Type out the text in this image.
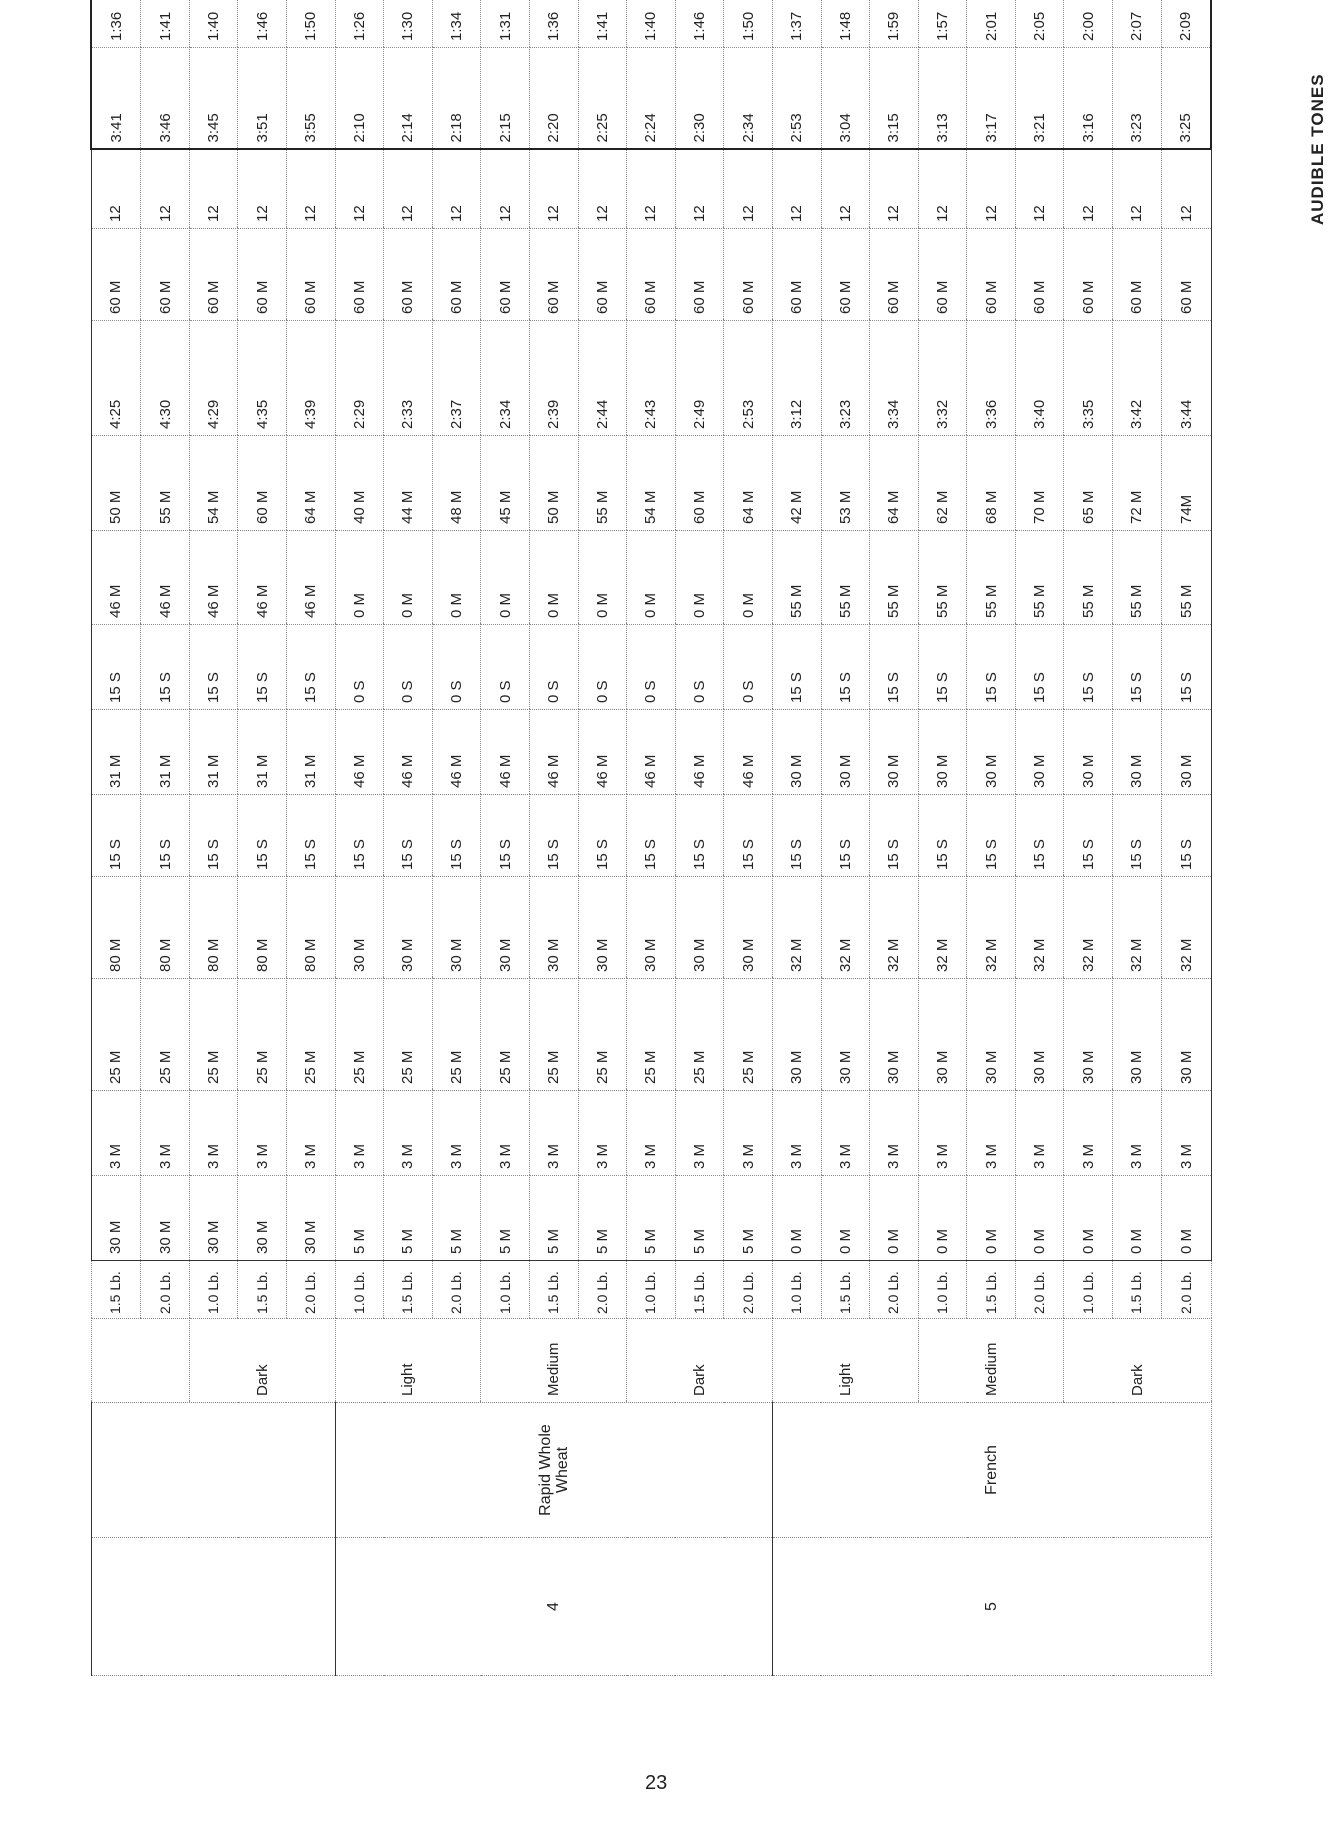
			1.5 Lb.	30 M	3 M	25 M	80 M	15 S	31 M	15 S	46 M	50 M	4:25	60 M	12	3:41	1:36
			2.0 Lb.	30 M	3 M	25 M	80 M	15 S	31 M	15 S	46 M	55 M	4:30	60 M	12	3:46	1:41
		Dark	1.0 Lb.	30 M	3 M	25 M	80 M	15 S	31 M	15 S	46 M	54 M	4:29	60 M	12	3:45	1:40
			1.5 Lb.	30 M	3 M	25 M	80 M	15 S	31 M	15 S	46 M	60 M	4:35	60 M	12	3:51	1:46
			2.0 Lb.	30 M	3 M	25 M	80 M	15 S	31 M	15 S	46 M	64 M	4:39	60 M	12	3:55	1:50
4	Rapid Whole Wheat	Light	1.0 Lb.	5 M	3 M	25 M	30 M	15 S	46 M	0 S	0 M	40 M	2:29	60 M	12	2:10	1:26
			1.5 Lb.	5 M	3 M	25 M	30 M	15 S	46 M	0 S	0 M	44 M	2:33	60 M	12	2:14	1:30
			2.0 Lb.	5 M	3 M	25 M	30 M	15 S	46 M	0 S	0 M	48 M	2:37	60 M	12	2:18	1:34
		Medium	1.0 Lb.	5 M	3 M	25 M	30 M	15 S	46 M	0 S	0 M	45 M	2:34	60 M	12	2:15	1:31
			1.5 Lb.	5 M	3 M	25 M	30 M	15 S	46 M	0 S	0 M	50 M	2:39	60 M	12	2:20	1:36
			2.0 Lb.	5 M	3 M	25 M	30 M	15 S	46 M	0 S	0 M	55 M	2:44	60 M	12	2:25	1:41
		Dark	1.0 Lb.	5 M	3 M	25 M	30 M	15 S	46 M	0 S	0 M	54 M	2:43	60 M	12	2:24	1:40
			1.5 Lb.	5 M	3 M	25 M	30 M	15 S	46 M	0 S	0 M	60 M	2:49	60 M	12	2:30	1:46
			2.0 Lb.	5 M	3 M	25 M	30 M	15 S	46 M	0 S	0 M	64 M	2:53	60 M	12	2:34	1:50
5	French	Light	1.0 Lb.	0 M	3 M	30 M	32 M	15 S	30 M	15 S	55 M	42 M	3:12	60 M	12	2:53	1:37
			1.5 Lb.	0 M	3 M	30 M	32 M	15 S	30 M	15 S	55 M	53 M	3:23	60 M	12	3:04	1:48
			2.0 Lb.	0 M	3 M	30 M	32 M	15 S	30 M	15 S	55 M	64 M	3:34	60 M	12	3:15	1:59
		Medium	1.0 Lb.	0 M	3 M	30 M	32 M	15 S	30 M	15 S	55 M	62 M	3:32	60 M	12	3:13	1:57
			1.5 Lb.	0 M	3 M	30 M	32 M	15 S	30 M	15 S	55 M	68 M	3:36	60 M	12	3:17	2:01
			2.0 Lb.	0 M	3 M	30 M	32 M	15 S	30 M	15 S	55 M	70 M	3:40	60 M	12	3:21	2:05
		Dark	1.0 Lb.	0 M	3 M	30 M	32 M	15 S	30 M	15 S	55 M	65 M	3:35	60 M	12	3:16	2:00
			1.5 Lb.	0 M	3 M	30 M	32 M	15 S	30 M	15 S	55 M	72 M	3:42	60 M	12	3:23	2:07
			2.0 Lb.	0 M	3 M	30 M	32 M	15 S	30 M	15 S	55 M	74M	3:44	60 M	12	3:25	2:09
AUDIBLE TONES
23
